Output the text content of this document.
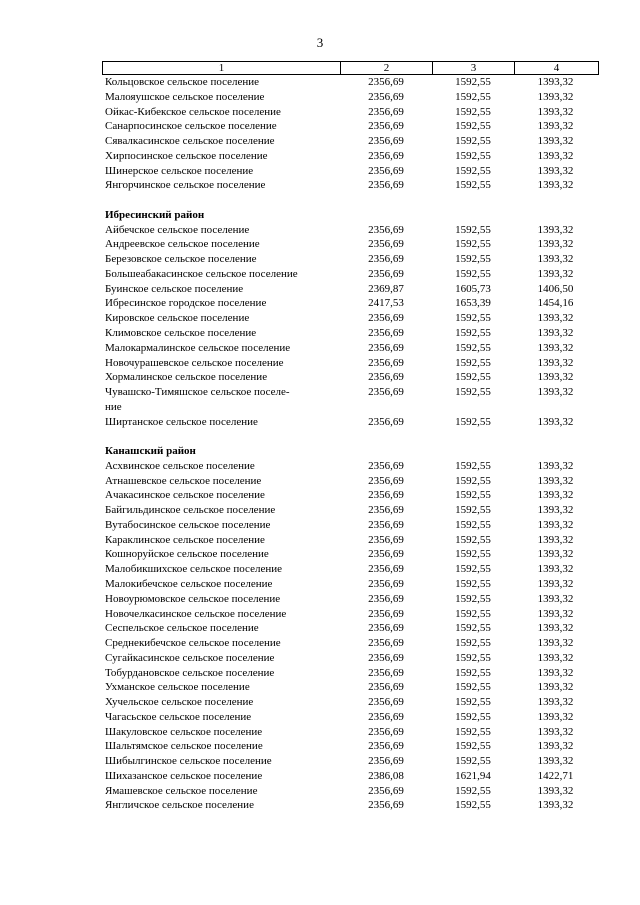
3
1	2	3	4
Кольцовское сельское поселение	2356,69	1592,55	1393,32
Малояушское сельское поселение	2356,69	1592,55	1393,32
Ойкас-Кибекское сельское поселение	2356,69	1592,55	1393,32
Санарпосинское сельское поселение	2356,69	1592,55	1393,32
Сявалкасинское сельское поселение	2356,69	1592,55	1393,32
Хирпосинское сельское поселение	2356,69	1592,55	1393,32
Шинерское сельское поселение	2356,69	1592,55	1393,32
Янгорчинское сельское поселение	2356,69	1592,55	1393,32
Ибресинский район
Айбечское сельское поселение	2356,69	1592,55	1393,32
Андреевское сельское поселение	2356,69	1592,55	1393,32
Березовское сельское поселение	2356,69	1592,55	1393,32
Большеабакасинское сельское поселение	2356,69	1592,55	1393,32
Буинское сельское поселение	2369,87	1605,73	1406,50
Ибресинское городское поселение	2417,53	1653,39	1454,16
Кировское сельское поселение	2356,69	1592,55	1393,32
Климовское сельское поселение	2356,69	1592,55	1393,32
Малокармалинское сельское поселение	2356,69	1592,55	1393,32
Новочурашевское сельское поселение	2356,69	1592,55	1393,32
Хормалинское сельское поселение	2356,69	1592,55	1393,32
Чувашско-Тимяшское сельское поселе-
ние
2356,69	1592,55	1393,32
Ширтанское сельское поселение	2356,69	1592,55	1393,32
Канашский район
Асхвинское сельское поселение	2356,69	1592,55	1393,32
Атнашевское сельское поселение	2356,69	1592,55	1393,32
Ачакасинское сельское поселение	2356,69	1592,55	1393,32
Байгильдинское сельское поселение	2356,69	1592,55	1393,32
Вутабосинское сельское поселение	2356,69	1592,55	1393,32
Караклинское сельское поселение	2356,69	1592,55	1393,32
Кошноруйское сельское поселение	2356,69	1592,55	1393,32
Малобикшихское сельское поселение	2356,69	1592,55	1393,32
Малокибечское сельское поселение	2356,69	1592,55	1393,32
Новоурюмовское сельское поселение	2356,69	1592,55	1393,32
Новочелкасинское сельское поселение	2356,69	1592,55	1393,32
Сеспельское сельское поселение	2356,69	1592,55	1393,32
Среднекибечское сельское поселение	2356,69	1592,55	1393,32
Сугайкасинское сельское поселение	2356,69	1592,55	1393,32
Тобурдановское сельское поселение	2356,69	1592,55	1393,32
Ухманское сельское поселение	2356,69	1592,55	1393,32
Хучельское сельское поселение	2356,69	1592,55	1393,32
Чагасьское сельское поселение	2356,69	1592,55	1393,32
Шакуловское сельское поселение	2356,69	1592,55	1393,32
Шальтямское сельское поселение	2356,69	1592,55	1393,32
Шибылгинское сельское поселение	2356,69	1592,55	1393,32
Шихазанское сельское поселение	2386,08	1621,94	1422,71
Ямашевское сельское поселение	2356,69	1592,55	1393,32
Янгличское сельское поселение	2356,69	1592,55	1393,32
